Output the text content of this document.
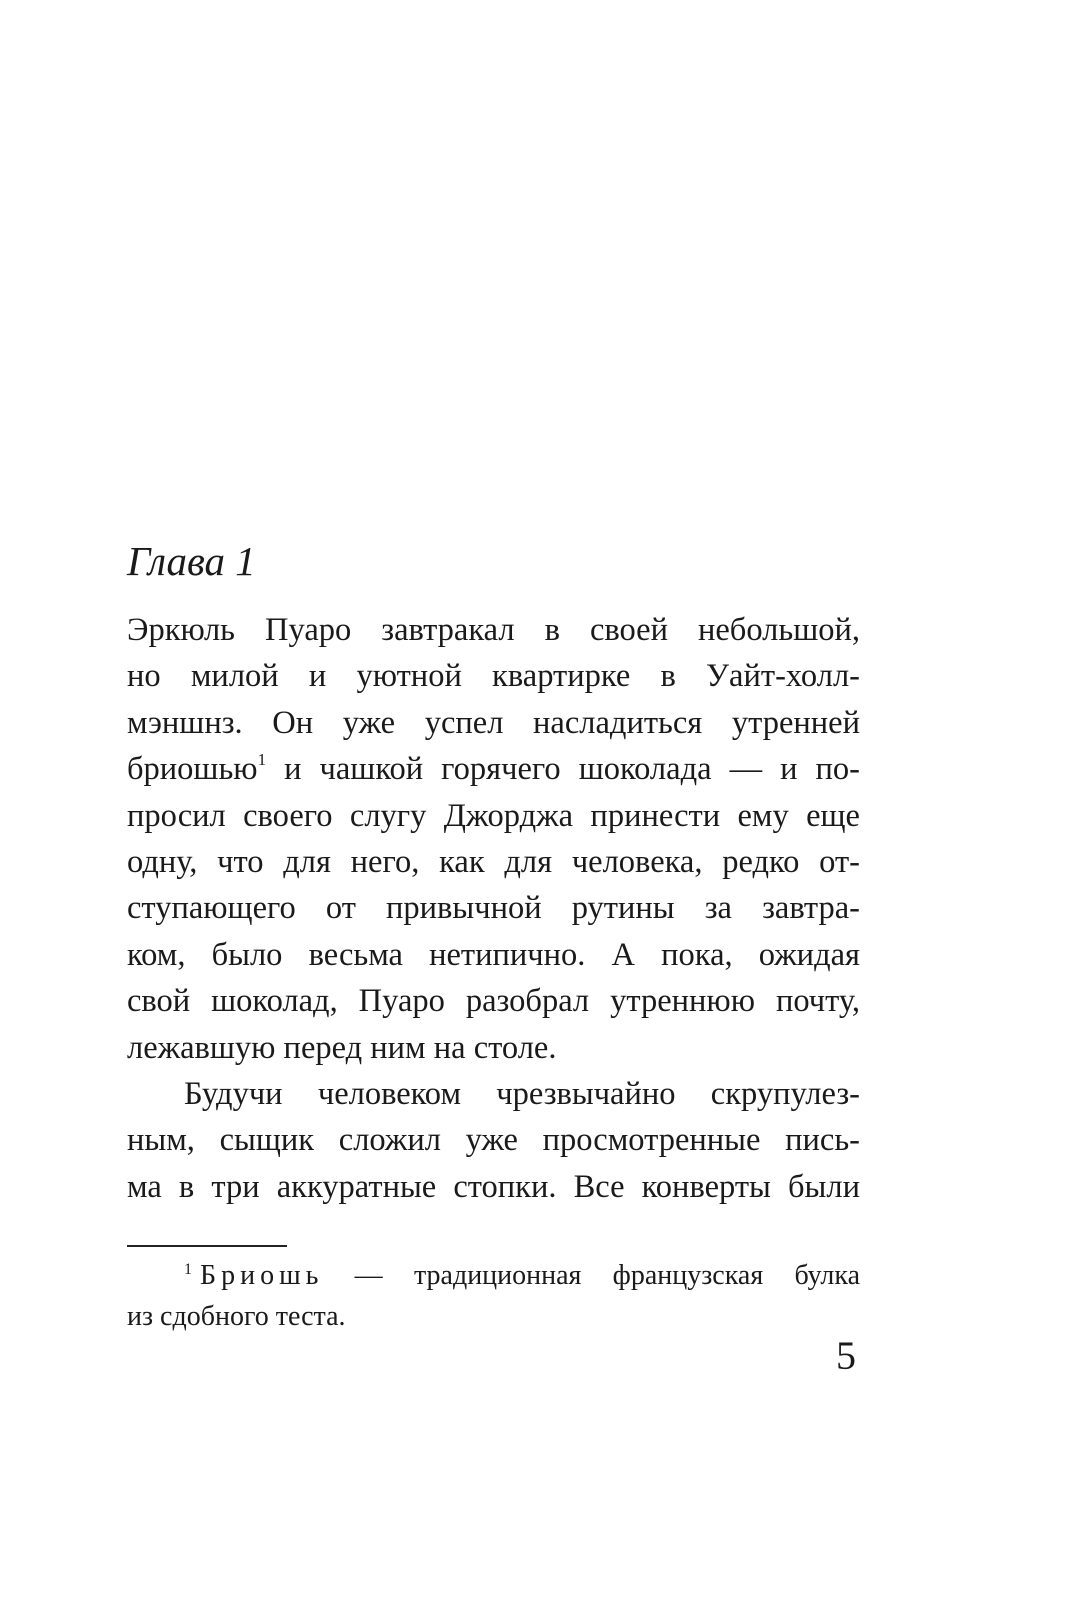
Глава 1
Эркюль Пуаро завтракал в своей небольшой,
но милой и уютной квартирке в Уайт-холл-
мэншнз. Он уже успел насладиться утренней
бриошью$^1$ и чашкой горячего шоколада — и по-
просил своего слугу Джорджа принести ему еще
одну, что для него, как для человека, редко от-
ступающего от привычной рутины за завтра-
ком, было весьма нетипично. А пока, ожидая
свой шоколад, Пуаро разобрал утреннюю почту,
лежавшую перед ним на столе.
Будучи человеком чрезвычайно скрупулез-
ным, сыщик сложил уже просмотренные пись-
ма в три аккуратные стопки. Все конверты были
$^1$ Бриошь — традиционная французская булка
из сдобного теста.
5
